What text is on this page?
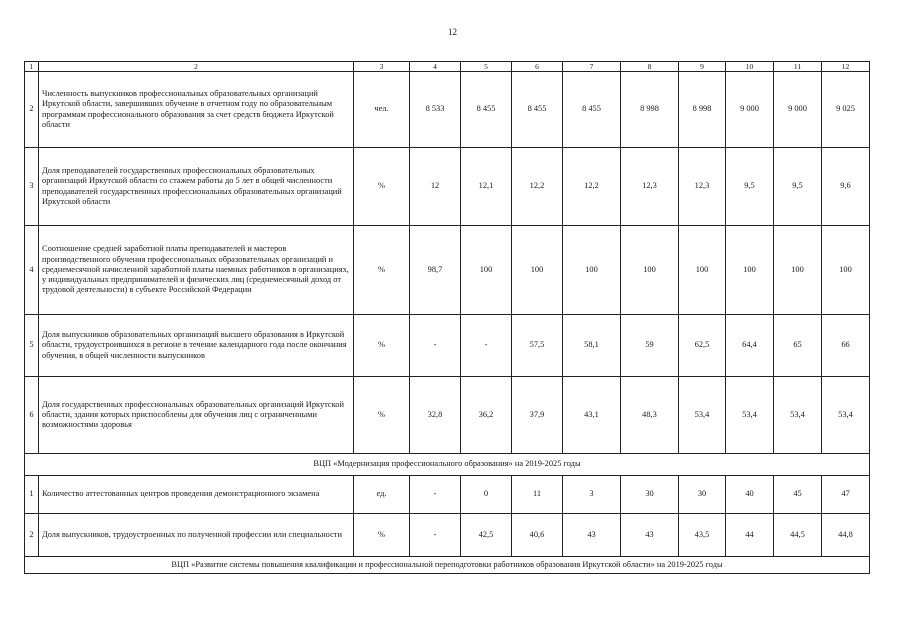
12
1	2	3	4	5	6	7	8	9	10	11	12
2	Численность выпускников профессиональных образовательных организаций Иркутской области, завершивших обучение в отчетном году по образовательным программам профессионального образования за счет средств бюджета Иркутской области	чел.	8 533	8 455	8 455	8 455	8 998	8 998	9 000	9 000	9 025
3	Доля преподавателей государственных профессиональных образовательных организаций Иркутской области со стажем работы до 5 лет в общей численности преподавателей государственных профессиональных образовательных организаций Иркутской области	%	12	12,1	12,2	12,2	12,3	12,3	9,5	9,5	9,6
4	Соотношение средней заработной платы преподавателей и мастеров производственного обучения профессиональных образовательных организаций и среднемесячной начисленной заработной платы наемных работников в организациях, у индивидуальных предпринимателей и физических лиц (среднемесячный доход от трудовой деятельности) в субъекте Российской Федерации	%	98,7	100	100	100	100	100	100	100	100
5	Доля выпускников образовательных организаций высшего образования в Иркутской области, трудоустроившихся в регионе в течение календарного года после окончания обучения, в общей численности выпускников	%	-	-	57,5	58,1	59	62,5	64,4	65	66
6	Доля государственных профессиональных образовательных организаций Иркутской области, здания которых приспособлены для обучения лиц с ограниченными возможностями здоровья	%	32,8	36,2	37,9	43,1	48,3	53,4	53,4	53,4	53,4
ВЦП «Модернизация профессионального образования» на 2019-2025 годы											
1	Количество аттестованных центров проведения демонстрационного экзамена	ед.	-	0	11	3	30	30	40	45	47
2	Доля выпускников, трудоустроенных по полученной профессии или специальности	%	-	42,5	40,6	43	43	43,5	44	44,5	44,8
ВЦП «Развитие системы повышения квалификации и профессиональной переподготовки работников образования Иркутской области» на 2019-2025 годы											
